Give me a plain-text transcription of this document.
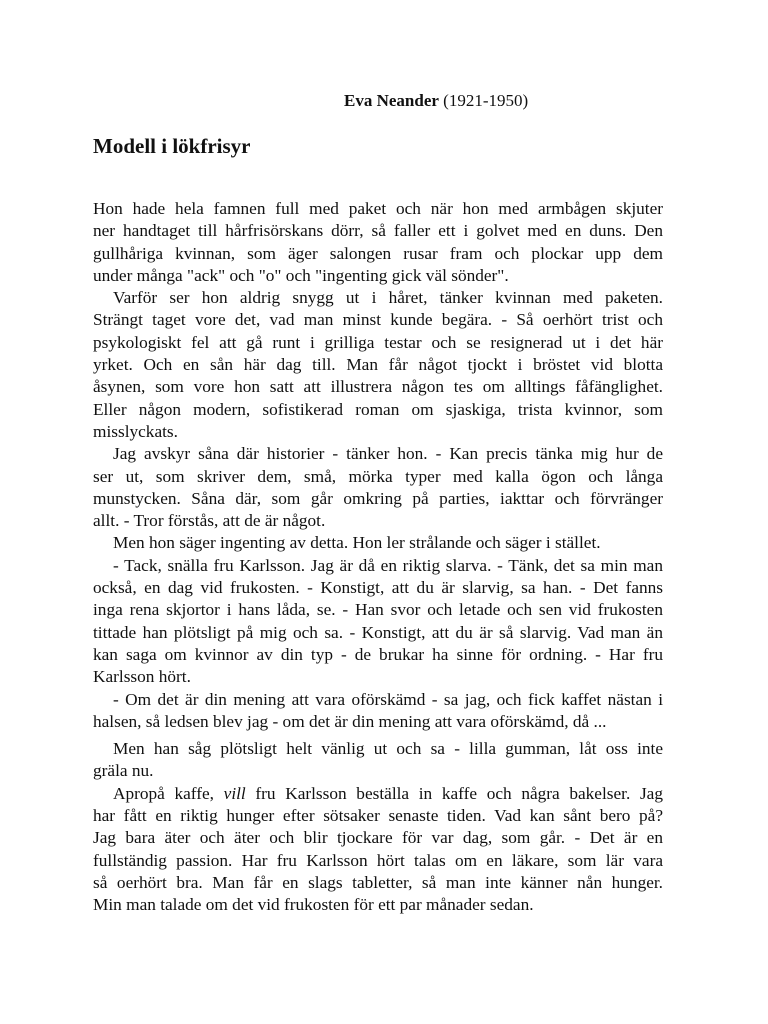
Eva Neander (1921-1950)
Modell i lökfrisyr

Hon hade hela famnen full med paket och när hon med armbågen skjuter
ner handtaget till hårfrisörskans dörr, så faller ett i golvet med en duns. Den
gullhåriga kvinnan, som äger salongen rusar fram och plockar upp dem
under många "ack" och "o" och "ingenting gick väl sönder".

Varför ser hon aldrig snygg ut i håret, tänker kvinnan med paketen.
Strängt taget vore det, vad man minst kunde begära. - Så oerhört trist och
psykologiskt fel att gå runt i grilliga testar och se resignerad ut i det här
yrket. Och en sån här dag till. Man får något tjockt i bröstet vid blotta
åsynen, som vore hon satt att illustrera någon tes om alltings fåfänglighet.
Eller någon modern, sofistikerad roman om sjaskiga, trista kvinnor, som
misslyckats.

Jag avskyr såna där historier - tänker hon. - Kan precis tänka mig hur de
ser ut, som skriver dem, små, mörka typer med kalla ögon och långa
munstycken. Såna där, som går omkring på parties, iakttar och förvränger
allt. - Tror förstås, att de är något.

Men hon säger ingenting av detta. Hon ler strålande och säger i stället.

- Tack, snälla fru Karlsson. Jag är då en riktig slarva. - Tänk, det sa min man
också, en dag vid frukosten. - Konstigt, att du är slarvig, sa han. - Det fanns
inga rena skjortor i hans låda, se. - Han svor och letade och sen vid frukosten
tittade han plötsligt på mig och sa. - Konstigt, att du är så slarvig. Vad man än
kan saga om kvinnor av din typ - de brukar ha sinne för ordning. - Har fru
Karlsson hört.

- Om det är din mening att vara oförskämd - sa jag, och fick kaffet nästan i
halsen, så ledsen blev jag - om det är din mening att vara oförskämd, då ...

Men han såg plötsligt helt vänlig ut och sa - lilla gumman, låt oss inte
gräla nu.

Apropå kaffe, vill fru Karlsson beställa in kaffe och några bakelser. Jag
har fått en riktig hunger efter sötsaker senaste tiden. Vad kan sånt bero på?
Jag bara äter och äter och blir tjockare för var dag, som går. - Det är en
fullständig passion. Har fru Karlsson hört talas om en läkare, som lär vara
så oerhört bra. Man får en slags tabletter, så man inte känner nån hunger.
Min man talade om det vid frukosten för ett par månader sedan.
